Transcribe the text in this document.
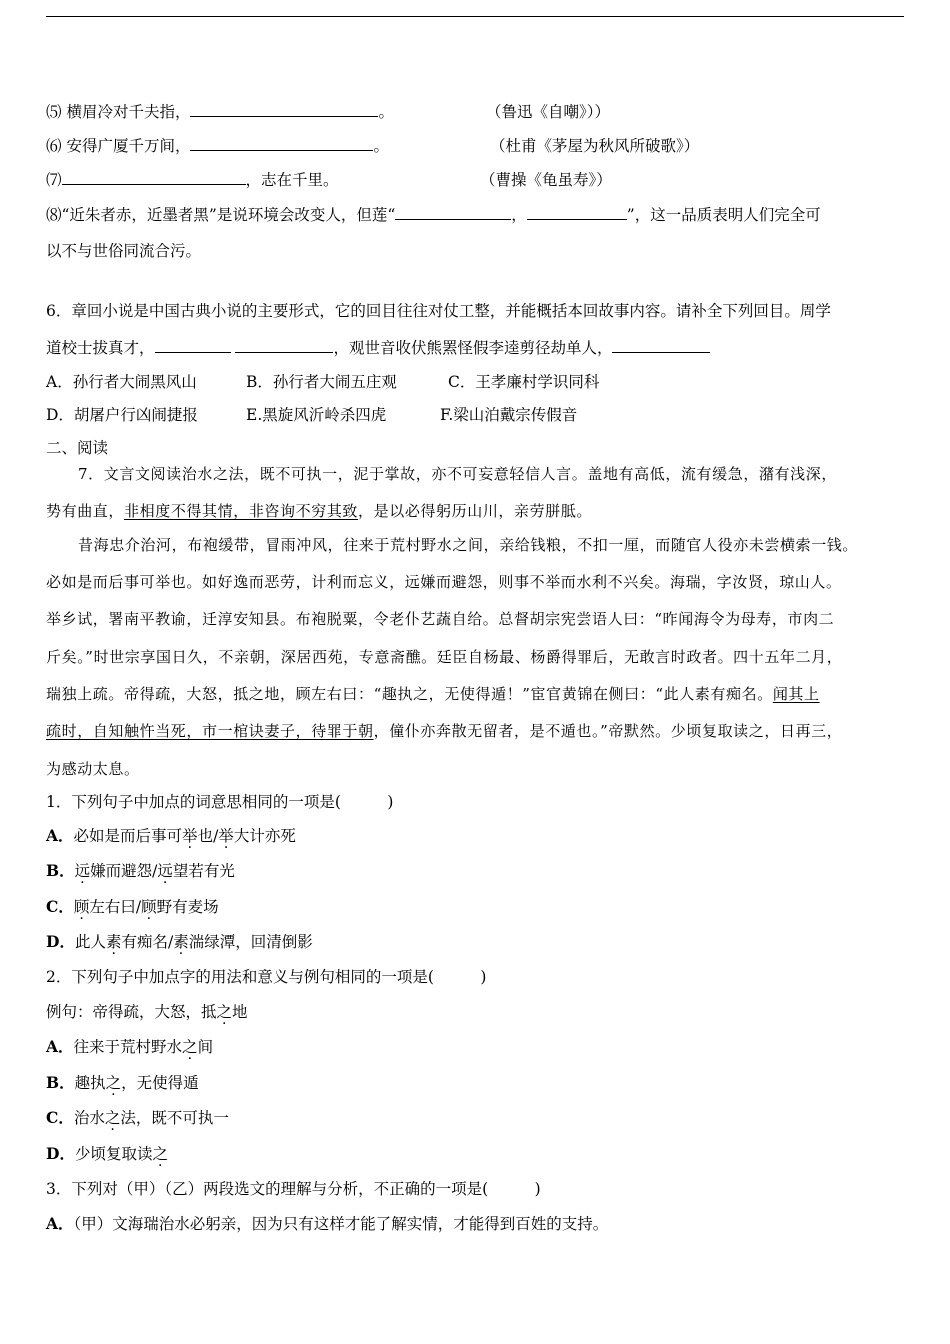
⑸ 横眉冷对千夫指，	。	（鲁迅《自嘲》））
⑹ 安得广厦千万间，	。	（杜甫《茅屋为秋风所破歌》）
⑺	，志在千里。	（曹操《龟虽寿》）
⑻“近朱者赤，近墨者黑”是说环境会改变人，但莲“	，	”，这一品质表明人们完全可
以不与世俗同流合污。
6．章回小说是中国古典小说的主要形式，它的回目往往对仗工整，并能概括本回故事内容。请补全下列回目。周学
道校士拔真才，	，观世音收伏熊罴怪假李逵剪径劫单人，
A．孙行者大闹黑风山	B．孙行者大闹五庄观	C．王孝廉村学识同科
D．胡屠户行凶闹捷报	E.黑旋风沂岭杀四虎	F.梁山泊戴宗传假音
二、阅读
7．文言文阅读治水之法，既不可执一，泥于掌故，亦不可妄意轻信人言。盖地有高低，流有缓急，潴有浅深，
势有曲直，非相度不得其情，非咨询不穷其致，是以必得躬历山川，亲劳胼胝。
昔海忠介治河，布袍缓带，冒雨冲风，往来于荒村野水之间，亲给钱粮，不扣一厘，而随官人役亦未尝横索一钱。
必如是而后事可举也。如好逸而恶劳，计利而忘义，远嫌而避怨，则事不举而水利不兴矣。海瑞，字汝贤，琼山人。
举乡试，署南平教谕，迁淳安知县。布袍脱粟，令老仆艺蔬自给。总督胡宗宪尝语人曰：“昨闻海令为母寿，市肉二
斤矣。”时世宗享国日久，不亲朝，深居西苑，专意斋醮。廷臣自杨最、杨爵得罪后，无敢言时政者。四十五年二月，
瑞独上疏。帝得疏，大怒，抵之地，顾左右曰：“趣执之，无使得遁！”宦官黄锦在侧曰：“此人素有痴名。闻其上
疏时，自知触忤当死，市一棺诀妻子，待罪于朝，僮仆亦奔散无留者，是不遁也。”帝默然。少顷复取读之，日再三，
为感动太息。
1．下列句子中加点的词意思相同的一项是(　　　)
A．必如是而后事可举也/举大计亦死
B．远嫌而避怨/远望若有光
C．顾左右曰/顾野有麦场
D．此人素有痴名/素湍绿潭，回清倒影
2．下列句子中加点字的用法和意义与例句相同的一项是(　　　)
例句：帝得疏，大怒，抵之地
A．往来于荒村野水之间
B．趣执之，无使得遁
C．治水之法，既不可执一
D．少顷复取读之
3．下列对（甲）（乙）两段选文的理解与分析，不正确的一项是(　　　)
A．（甲）文海瑞治水必躬亲，因为只有这样才能了解实情，才能得到百姓的支持。
